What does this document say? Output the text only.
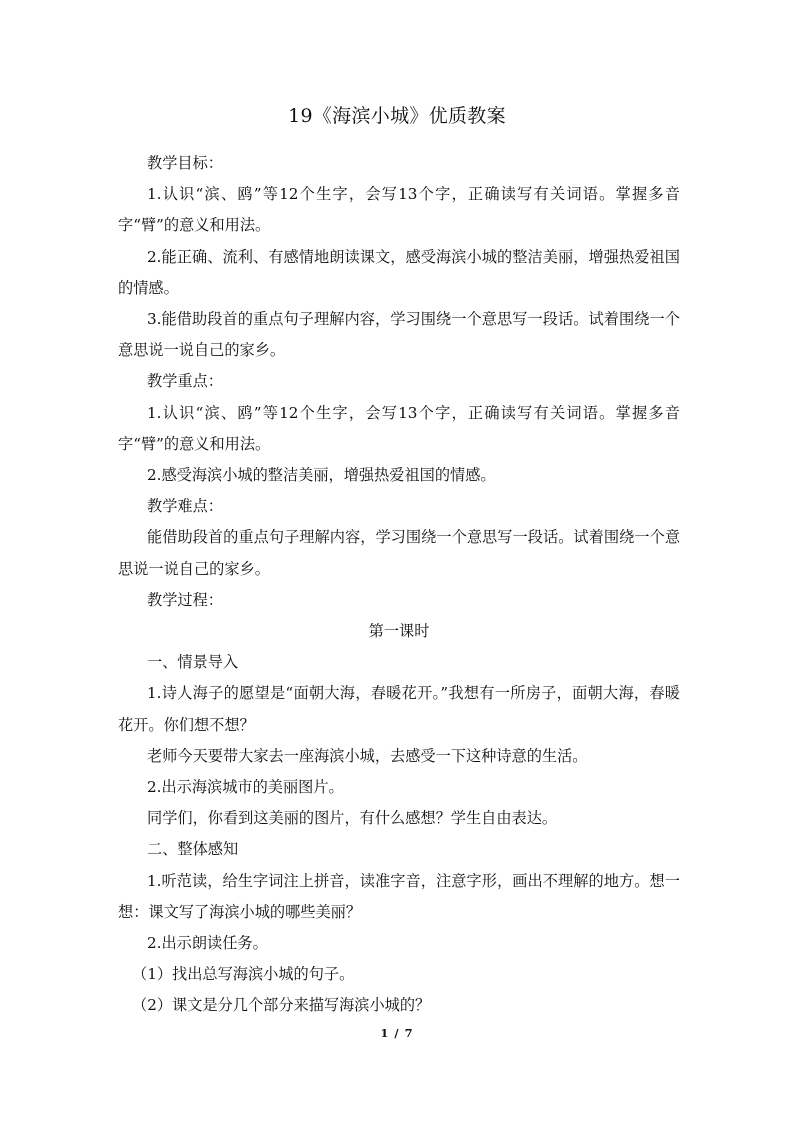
19《海滨小城》优质教案

教学目标：

1.认识“滨、鸥”等12个生字，会写13个字，正确读写有关词语。掌握多音字“臂”的意义和用法。

2.能正确、流利、有感情地朗读课文，感受海滨小城的整洁美丽，增强热爱祖国的情感。

3.能借助段首的重点句子理解内容，学习围绕一个意思写一段话。试着围绕一个意思说一说自己的家乡。

教学重点：

1.认识“滨、鸥”等12个生字，会写13个字，正确读写有关词语。掌握多音字“臂”的意义和用法。

2.感受海滨小城的整洁美丽，增强热爱祖国的情感。

教学难点：

能借助段首的重点句子理解内容，学习围绕一个意思写一段话。试着围绕一个意思说一说自己的家乡。

教学过程：

第一课时

一、情景导入

1.诗人海子的愿望是“面朝大海，春暖花开。”我想有一所房子，面朝大海，春暖花开。你们想不想？

老师今天要带大家去一座海滨小城，去感受一下这种诗意的生活。

2.出示海滨城市的美丽图片。

同学们，你看到这美丽的图片，有什么感想？学生自由表达。

二、整体感知

1.听范读，给生字词注上拼音，读准字音，注意字形，画出不理解的地方。想一想：课文写了海滨小城的哪些美丽？

2.出示朗读任务。

（1）找出总写海滨小城的句子。

（2）课文是分几个部分来描写海滨小城的？

1 / 7
